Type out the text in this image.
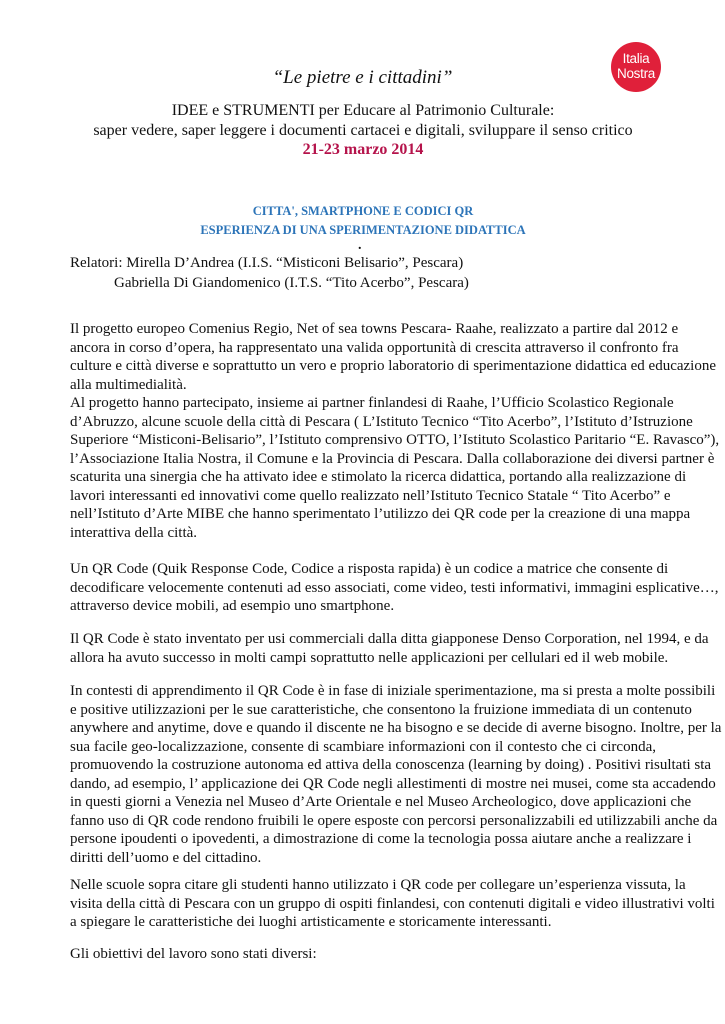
Italia
Nostra
“Le pietre e i cittadini”
IDEE e STRUMENTI per Educare al Patrimonio Culturale:
saper vedere, saper leggere i documenti cartacei e digitali, sviluppare il senso critico
21-23 marzo 2014
CITTA', SMARTPHONE E CODICI QR
ESPERIENZA DI UNA SPERIMENTAZIONE DIDATTICA
.
Relatori: Mirella D’Andrea (I.I.S. “Misticoni Belisario”, Pescara)
Gabriella Di Giandomenico (I.T.S. “Tito Acerbo”, Pescara)
Il progetto europeo Comenius Regio, Net of sea towns Pescara- Raahe, realizzato a partire dal 2012 e
ancora in corso d’opera, ha rappresentato una valida opportunità di crescita attraverso il confronto fra
culture e città diverse e soprattutto un vero e proprio laboratorio di sperimentazione didattica ed educazione
alla multimedialità.
Al progetto hanno partecipato, insieme ai partner finlandesi di Raahe, l’Ufficio Scolastico Regionale
d’Abruzzo, alcune scuole della città di Pescara ( L’Istituto Tecnico “Tito Acerbo”, l’Istituto d’Istruzione
Superiore “Misticoni-Belisario”, l’Istituto comprensivo OTTO, l’Istituto Scolastico Paritario “E. Ravasco”),
l’Associazione Italia Nostra, il Comune e la Provincia di Pescara. Dalla collaborazione dei diversi partner è
scaturita una sinergia che ha attivato idee e stimolato la ricerca didattica, portando alla realizzazione di
lavori interessanti ed innovativi come quello realizzato nell’Istituto Tecnico Statale “ Tito Acerbo” e
nell’Istituto d’Arte MIBE che hanno sperimentato l’utilizzo dei QR code per la creazione di una mappa
interattiva della città.
Un QR Code (Quik Response Code, Codice a risposta rapida) è un codice a matrice che consente di
decodificare velocemente contenuti ad esso associati, come video, testi informativi, immagini esplicative…,
attraverso device mobili, ad esempio uno smartphone.
Il QR Code è stato inventato per usi commerciali dalla ditta giapponese Denso Corporation, nel 1994, e da
allora ha avuto successo in molti campi soprattutto nelle applicazioni per cellulari ed il web mobile.
In contesti di apprendimento il QR Code è in fase di iniziale sperimentazione, ma si presta a molte possibili
e positive utilizzazioni per le sue caratteristiche, che consentono la fruizione immediata di un contenuto
anywhere and anytime, dove e quando il discente ne ha bisogno e se decide di averne bisogno. Inoltre, per la
sua facile geo-localizzazione, consente di scambiare informazioni con il contesto che ci circonda,
promuovendo la costruzione autonoma ed attiva della conoscenza (learning by doing) . Positivi risultati sta
dando, ad esempio, l’ applicazione dei QR Code negli allestimenti di mostre nei musei, come sta accadendo
in questi giorni a Venezia nel Museo d’Arte Orientale e nel Museo Archeologico, dove applicazioni che
fanno uso di QR code rendono fruibili le opere esposte con percorsi personalizzabili ed utilizzabili anche da
persone ipoudenti o ipovedenti, a dimostrazione di come la tecnologia possa aiutare anche a realizzare i
diritti dell’uomo e del cittadino.
Nelle scuole sopra citare gli studenti hanno utilizzato i QR code per collegare un’esperienza vissuta, la
visita della città di Pescara con un gruppo di ospiti finlandesi, con contenuti digitali e video illustrativi volti
a spiegare le caratteristiche dei luoghi artisticamente e storicamente interessanti.
Gli obiettivi del lavoro sono stati diversi:
